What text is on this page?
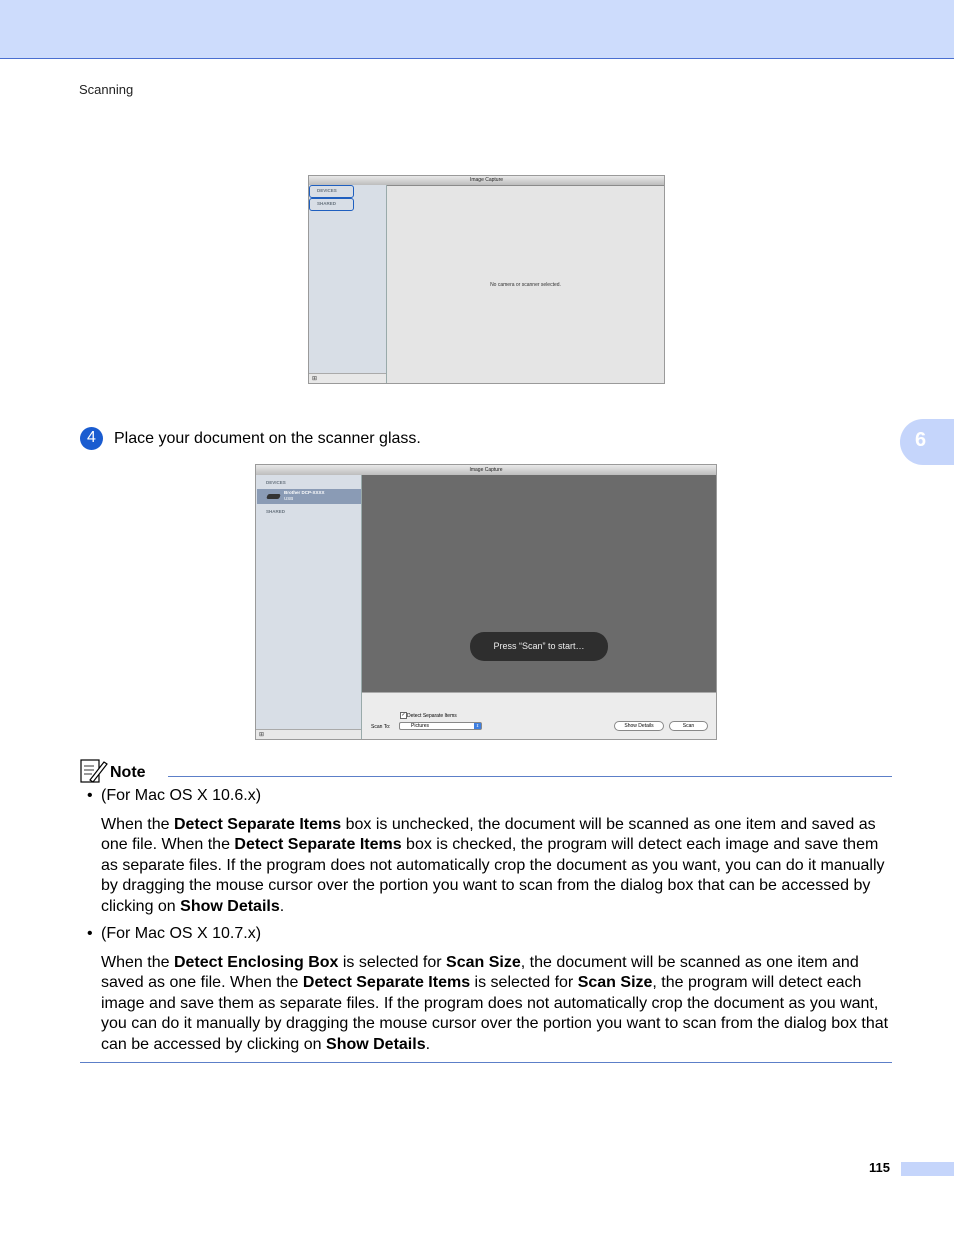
Scanning
6
Image Capture
DEVICES
SHARED
⊞
No camera or scanner selected.
4	Place your document on the scanner glass.
Image Capture
DEVICES
Brother DCP-XXXX
USB
SHARED
⊞
Press “Scan” to start…
✓ Detect Separate Items
Scan To:	Pictures	⇕	Show Details	Scan
Note
• (For Mac OS X 10.6.x)
When the Detect Separate Items box is unchecked, the document will be scanned as one item and saved as one file. When the Detect Separate Items box is checked, the program will detect each image and save them as separate files. If the program does not automatically crop the document as you want, you can do it manually by dragging the mouse cursor over the portion you want to scan from the dialog box that can be accessed by clicking on Show Details.
• (For Mac OS X 10.7.x)
When the Detect Enclosing Box is selected for Scan Size, the document will be scanned as one item and saved as one file. When the Detect Separate Items is selected for Scan Size, the program will detect each image and save them as separate files. If the program does not automatically crop the document as you want, you can do it manually by dragging the mouse cursor over the portion you want to scan from the dialog box that can be accessed by clicking on Show Details.
115
